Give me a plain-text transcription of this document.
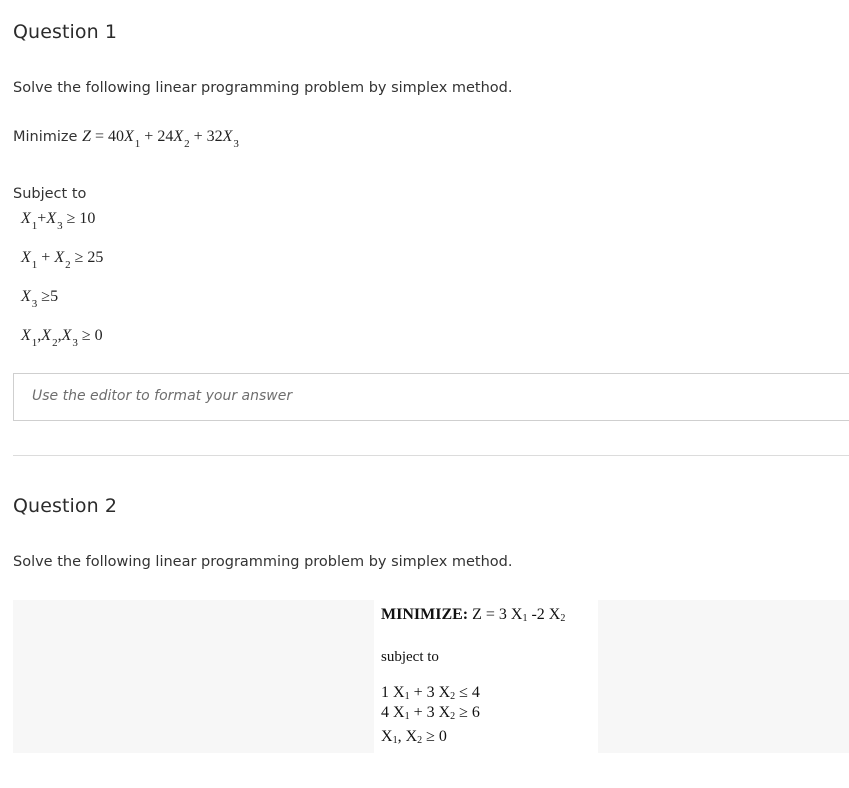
Question 1
Solve the following linear programming problem by simplex method.
Minimize $Z = 40X_1 + 24X_2 + 32X_3$
Subject to
$X_1+X_3 \ge 10$
$X_1 + X_2 \ge 25$
$X_3 \ge 5$
$X_1,X_2,X_3 \ge 0$
Use the editor to format your answer
Question 2
Solve the following linear programming problem by simplex method.
MINIMIZE: Z = 3 $X_1$ -2 $X_2$
subject to
1 $X_1 + 3$ $X_2 \le 4$
4 $X_1 + 3$ $X_2 \ge 6$
$X_1$, $X_2 \ge 0$
